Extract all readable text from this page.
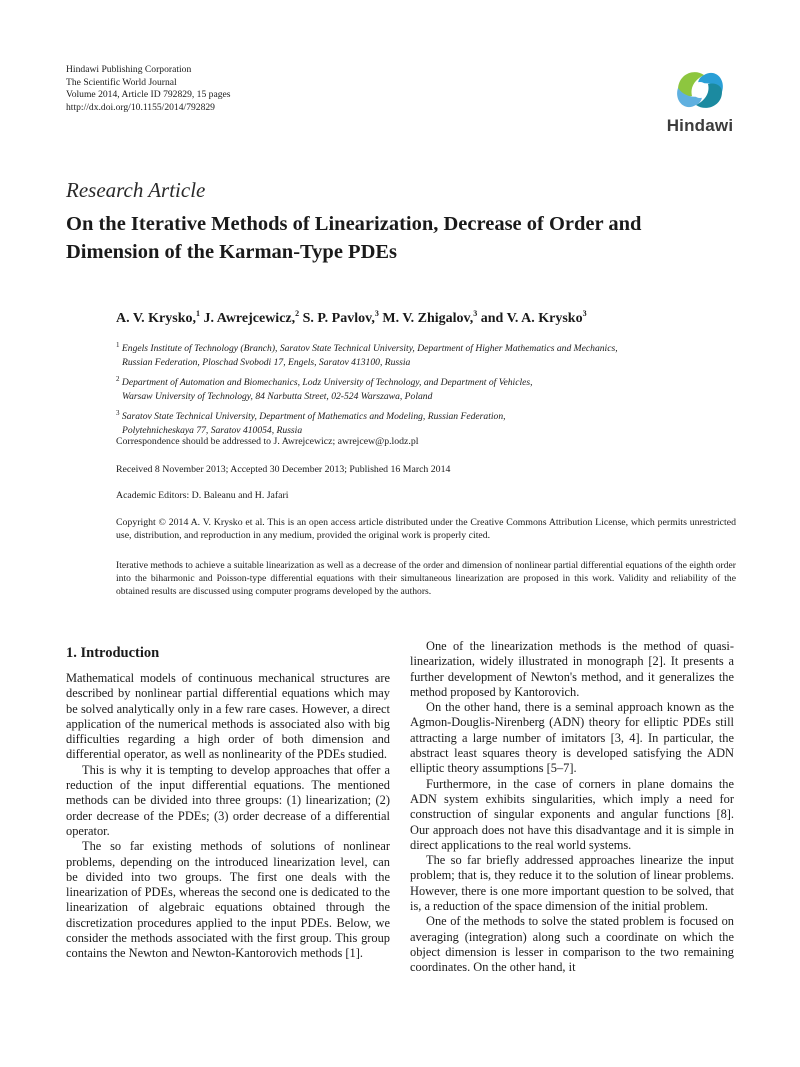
Hindawi Publishing Corporation
The Scientific World Journal
Volume 2014, Article ID 792829, 15 pages
http://dx.doi.org/10.1155/2014/792829
Hindawi
Research Article
On the Iterative Methods of Linearization, Decrease of Order and Dimension of the Karman-Type PDEs
A. V. Krysko,$^1$ J. Awrejcewicz,$^2$ S. P. Pavlov,$^3$ M. V. Zhigalov,$^3$ and V. A. Krysko$^3$
$^1$ Engels Institute of Technology (Branch), Saratov State Technical University, Department of Higher Mathematics and Mechanics,
Russian Federation, Ploschad Svobodi 17, Engels, Saratov 413100, Russia
$^2$ Department of Automation and Biomechanics, Lodz University of Technology, and Department of Vehicles,
Warsaw University of Technology, 84 Narbutta Street, 02-524 Warszawa, Poland
$^3$ Saratov State Technical University, Department of Mathematics and Modeling, Russian Federation,
Polytehnicheskaya 77, Saratov 410054, Russia
Correspondence should be addressed to J. Awrejcewicz; awrejcew@p.lodz.pl
Received 8 November 2013; Accepted 30 December 2013; Published 16 March 2014
Academic Editors: D. Baleanu and H. Jafari
Copyright © 2014 A. V. Krysko et al. This is an open access article distributed under the Creative Commons Attribution License, which permits unrestricted use, distribution, and reproduction in any medium, provided the original work is properly cited.
Iterative methods to achieve a suitable linearization as well as a decrease of the order and dimension of nonlinear partial differential equations of the eighth order into the biharmonic and Poisson-type differential equations with their simultaneous linearization are proposed in this work. Validity and reliability of the obtained results are discussed using computer programs developed by the authors.
1. Introduction

Mathematical models of continuous mechanical structures are described by nonlinear partial differential equations which may be solved analytically only in a few rare cases. However, a direct application of the numerical methods is associated also with big difficulties regarding a high order of both dimension and differential operator, as well as nonlinearity of the PDEs studied.

This is why it is tempting to develop approaches that offer a reduction of the input differential equations. The mentioned methods can be divided into three groups: (1) linearization; (2) order decrease of the PDEs; (3) order decrease of a differential operator.

The so far existing methods of solutions of nonlinear problems, depending on the introduced linearization level, can be divided into two groups. The first one deals with the linearization of PDEs, whereas the second one is dedicated to the linearization of algebraic equations obtained through the discretization procedures applied to the input PDEs. Below, we consider the methods associated with the first group. This group contains the Newton and Newton-Kantorovich methods [1].

One of the linearization methods is the method of quasi-linearization, widely illustrated in monograph [2]. It presents a further development of Newton's method, and it generalizes the method proposed by Kantorovich.

On the other hand, there is a seminal approach known as the Agmon-Douglis-Nirenberg (ADN) theory for elliptic PDEs still attracting a large number of imitators [3, 4]. In particular, the abstract least squares theory is developed satisfying the ADN elliptic theory assumptions [5–7].

Furthermore, in the case of corners in plane domains the ADN system exhibits singularities, which imply a need for construction of singular exponents and angular functions [8]. Our approach does not have this disadvantage and it is simple in direct applications to the real world systems.

The so far briefly addressed approaches linearize the input problem; that is, they reduce it to the solution of linear problems. However, there is one more important question to be solved, that is, a reduction of the space dimension of the initial problem.

One of the methods to solve the stated problem is focused on averaging (integration) along such a coordinate on which the object dimension is lesser in comparison to the two remaining coordinates. On the other hand, it
